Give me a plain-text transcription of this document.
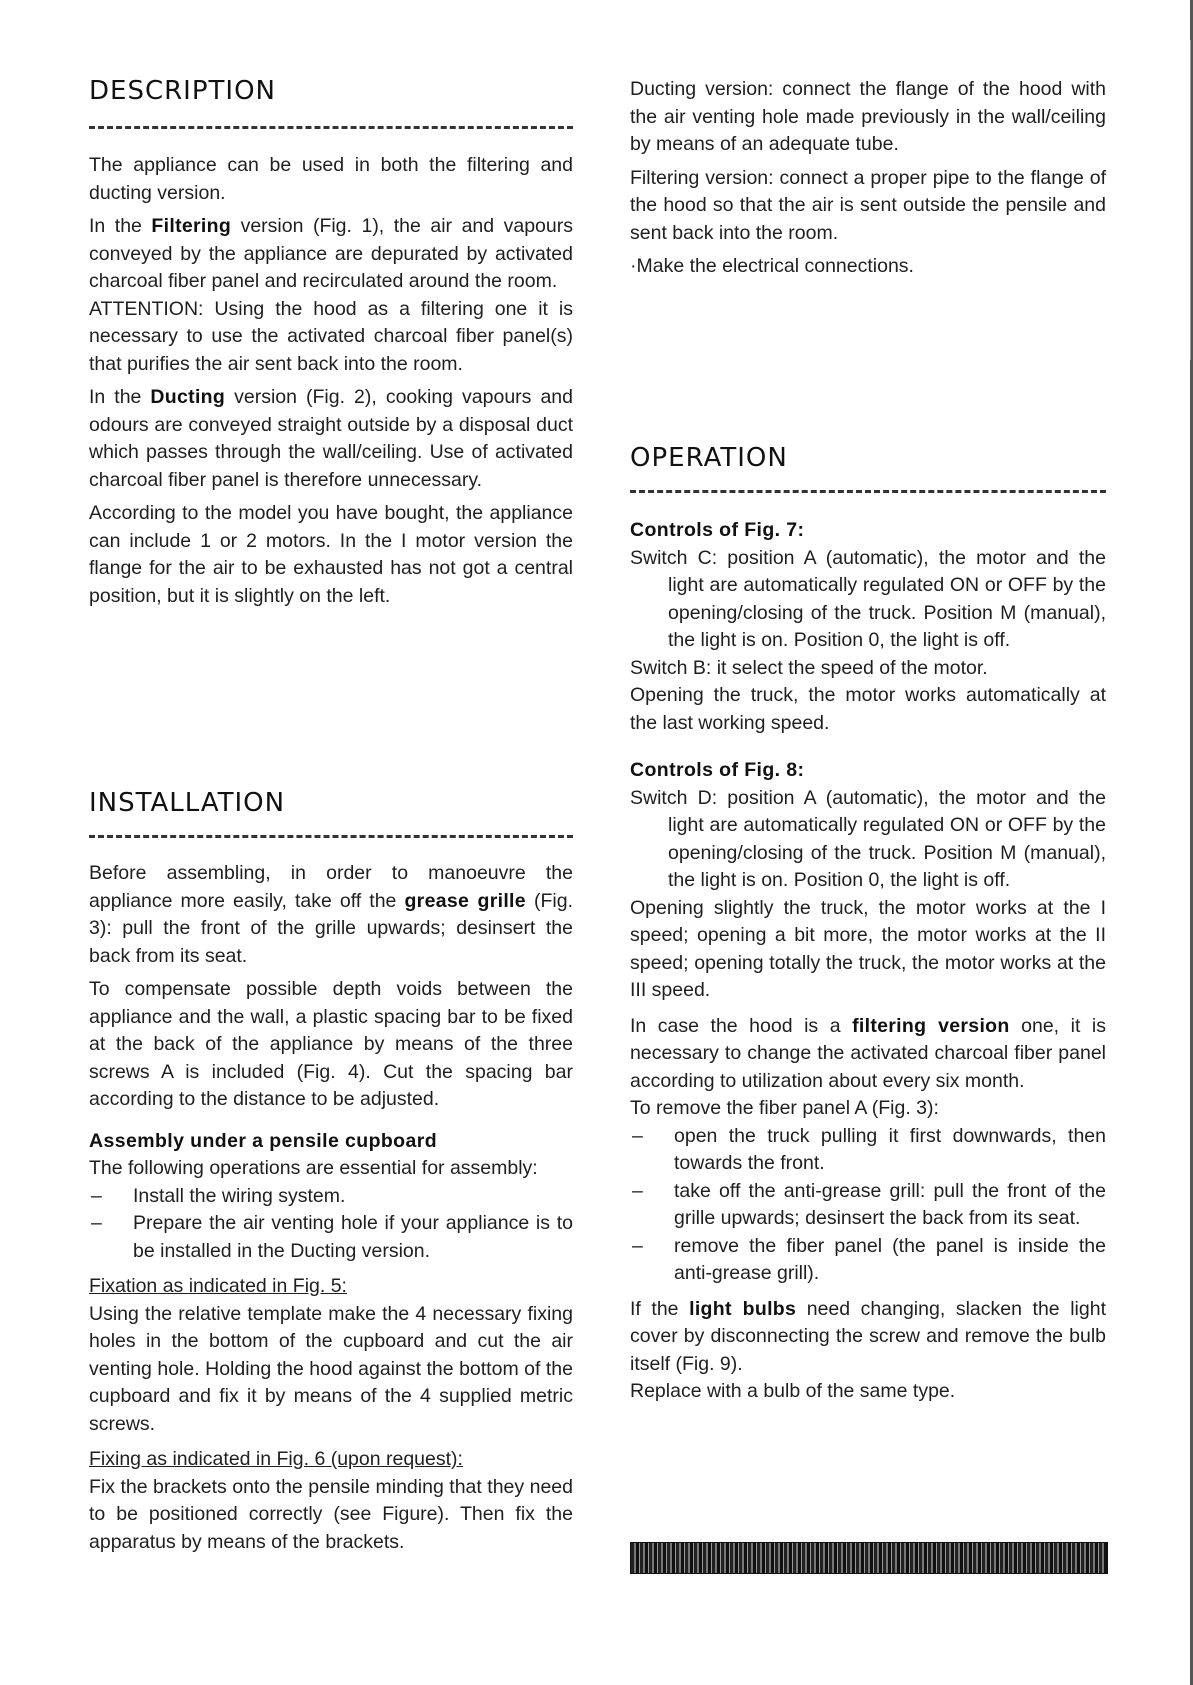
DESCRIPTION

The appliance can be used in both the filtering and ducting version.

In the Filtering version (Fig. 1), the air and vapours conveyed by the appliance are depurated by activated charcoal fiber panel and recirculated around the room.

ATTENTION: Using the hood as a filtering one it is necessary to use the activated charcoal fiber panel(s) that purifies the air sent back into the room.

In the Ducting version (Fig. 2), cooking vapours and odours are conveyed straight outside by a disposal duct which passes through the wall/ceiling. Use of activated charcoal fiber panel is therefore unnecessary.

According to the model you have bought, the appliance can include 1 or 2 motors. In the I motor version the flange for the air to be exhausted has not got a central position, but it is slightly on the left.

INSTALLATION

Before assembling, in order to manoeuvre the appliance more easily, take off the grease grille (Fig. 3): pull the front of the grille upwards; desinsert the back from its seat.

To compensate possible depth voids between the appliance and the wall, a plastic spacing bar to be fixed at the back of the appliance by means of the three screws A is included (Fig. 4). Cut the spacing bar according to the distance to be adjusted.

Assembly under a pensile cupboard

The following operations are essential for assembly:

– Install the wiring system.
– Prepare the air venting hole if your appliance is to be installed in the Ducting version.

Fixation as indicated in Fig. 5:

Using the relative template make the 4 necessary fixing holes in the bottom of the cupboard and cut the air venting hole. Holding the hood against the bottom of the cupboard and fix it by means of the 4 supplied metric screws.

Fixing as indicated in Fig. 6 (upon request):

Fix the brackets onto the pensile minding that they need to be positioned correctly (see Figure). Then fix the apparatus by means of the brackets.

Ducting version: connect the flange of the hood with the air venting hole made previously in the wall/ceiling by means of an adequate tube.

Filtering version: connect a proper pipe to the flange of the hood so that the air is sent outside the pensile and sent back into the room.

·Make the electrical connections.

OPERATION
Controls of Fig. 7:

Switch C: position A (automatic), the motor and the light are automatically regulated ON or OFF by the opening/closing of the truck. Position M (manual), the light is on. Position 0, the light is off.

Switch B: it select the speed of the motor.

Opening the truck, the motor works automatically at the last working speed.

Controls of Fig. 8:

Switch D: position A (automatic), the motor and the light are automatically regulated ON or OFF by the opening/closing of the truck. Position M (manual), the light is on. Position 0, the light is off.

Opening slightly the truck, the motor works at the I speed; opening a bit more, the motor works at the II speed; opening totally the truck, the motor works at the III speed.

In case the hood is a filtering version one, it is necessary to change the activated charcoal fiber panel according to utilization about every six month.

To remove the fiber panel A (Fig. 3):

– open the truck pulling it first downwards, then towards the front.
– take off the anti-grease grill: pull the front of the grille upwards; desinsert the back from its seat.
– remove the fiber panel (the panel is inside the anti-grease grill).

If the light bulbs need changing, slacken the light cover by disconnecting the screw and remove the bulb itself (Fig. 9).

Replace with a bulb of the same type.
